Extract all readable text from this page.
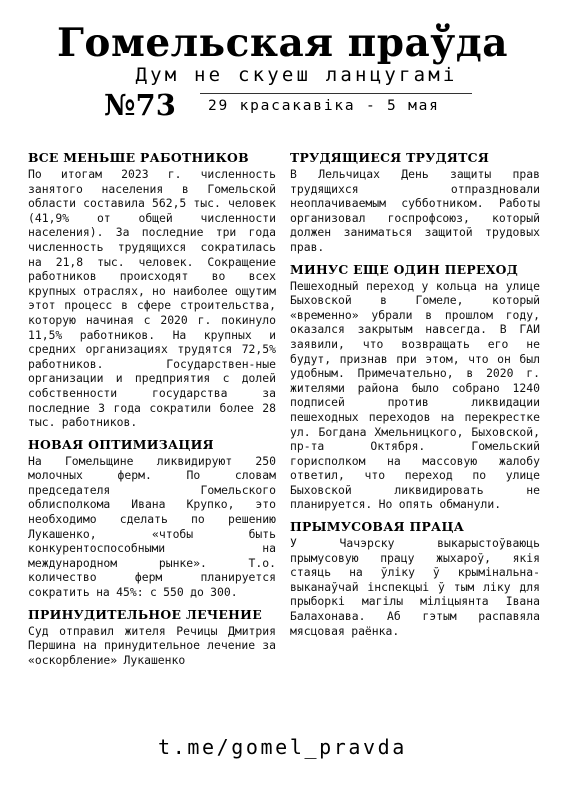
Гомельская праўда
Дум не скуеш ланцугамі
№73 29 красакавіка - 5 мая
ВСЕ МЕНЬШЕ РАБОТНИКОВ
По итогам 2023 г. численность занятого населения в Гомельской области составила 562,5 тыс. человек (41,9% от общей численности населения). За последние три года численность трудящихся сократилась на 21,8 тыс. человек. Сокращение работников происходят во всех крупных отраслях, но наиболее ощутим этот процесс в сфере строительства, которую начиная с 2020 г. покинуло 11,5% работников. На крупных и средних организациях трудятся 72,5% работников. Государствен-ные организации и предприятия с долей собственности государства за последние 3 года сократили более 28 тыс. работников.
НОВАЯ ОПТИМИЗАЦИЯ
На Гомельщине ликвидируют 250 молочных ферм. По словам председателя Гомельского облисполкома Ивана Крупко, это необходимо сделать по решению Лукашенко, «чтобы быть конкурентоспособными на международном рынке». Т.о. количество ферм планируется сократить на 45%: с 550 до 300.
ПРИНУДИТЕЛЬНОЕ ЛЕЧЕНИЕ
Суд отправил жителя Речицы Дмитрия Першина на принудительное лечение за «оскорбление» Лукашенко
ТРУДЯЩИЕСЯ ТРУДЯТСЯ
В Лельчицах День защиты прав трудящихся отпраздновали неоплачиваемым субботником. Работы организовал госпрофсоюз, который должен заниматься защитой трудовых прав.
МИНУС ЕЩЕ ОДИН ПЕРЕХОД
Пешеходный переход у кольца на улице Быховской в Гомеле, который «временно» убрали в прошлом году, оказался закрытым навсегда. В ГАИ заявили, что возвращать его не будут, признав при этом, что он был удобным. Примечательно, в 2020 г. жителями района было собрано 1240 подписей против ликвидации пешеходных переходов на перекрестке ул. Богдана Хмельницкого, Быховской, пр-та Октября. Гомельский горисполком на массовую жалобу ответил, что переход по улице Быховской ликвидировать не планируется. Но опять обманули.
ПРЫМУСОВАЯ ПРАЦА
У Чачэрску выкарыстоўваюць прымусовую працу жыхароў, якія стаяць на ўліку ў крымінальна-выканаўчай інспекцыі ў тым ліку для прыборкі магілы міліцыянта Івана Балахонава. Аб гэтым распавяла мясцовая раёнка.
t.me/gomel_pravda
